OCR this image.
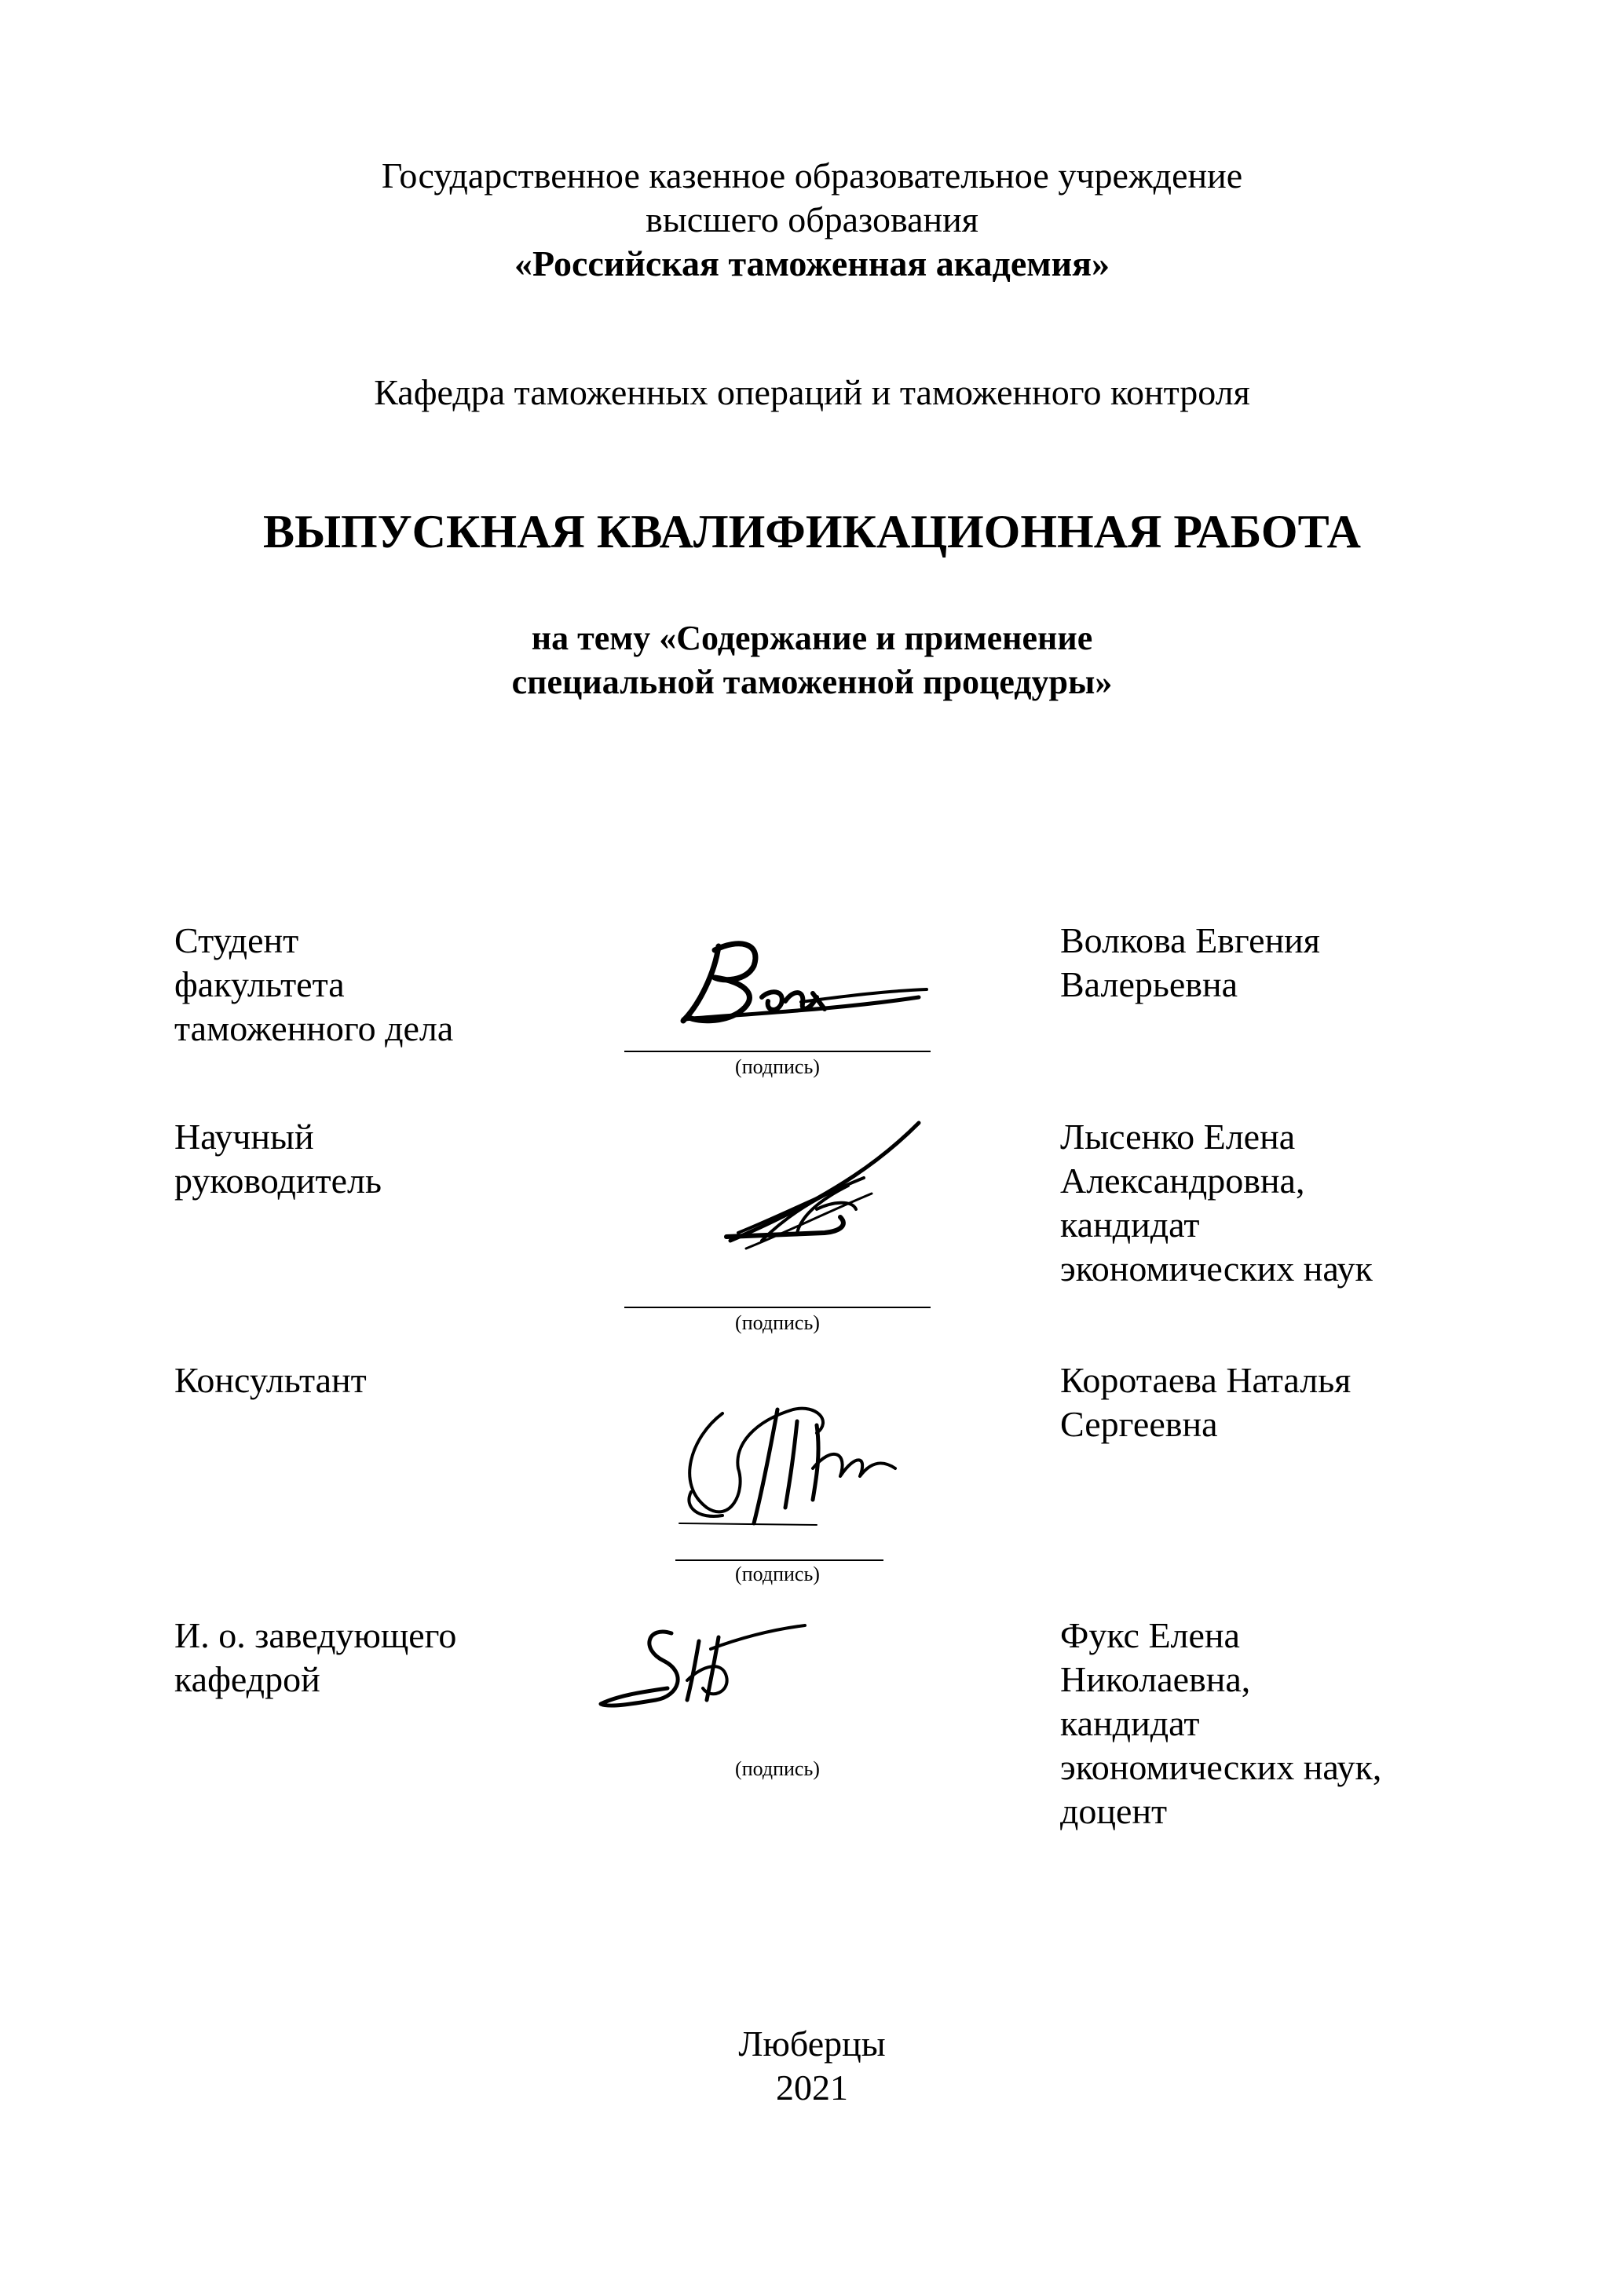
Государственное казенное образовательное учреждение
высшего образования
«Российская таможенная академия»
Кафедра таможенных операций и таможенного контроля
ВЫПУСКНАЯ КВАЛИФИКАЦИОННАЯ РАБОТА
на тему «Содержание и применение
специальной таможенной процедуры»
Студент
факультета
таможенного дела
(подпись)
Волкова Евгения
Валерьевна
Научный
руководитель
(подпись)
Лысенко Елена
Александровна,
кандидат
экономических наук
Консультант
(подпись)
Коротаева Наталья
Сергеевна
И. о. заведующего
кафедрой
(подпись)
Фукс Елена
Николаевна,
кандидат
экономических наук,
доцент
Люберцы
2021
